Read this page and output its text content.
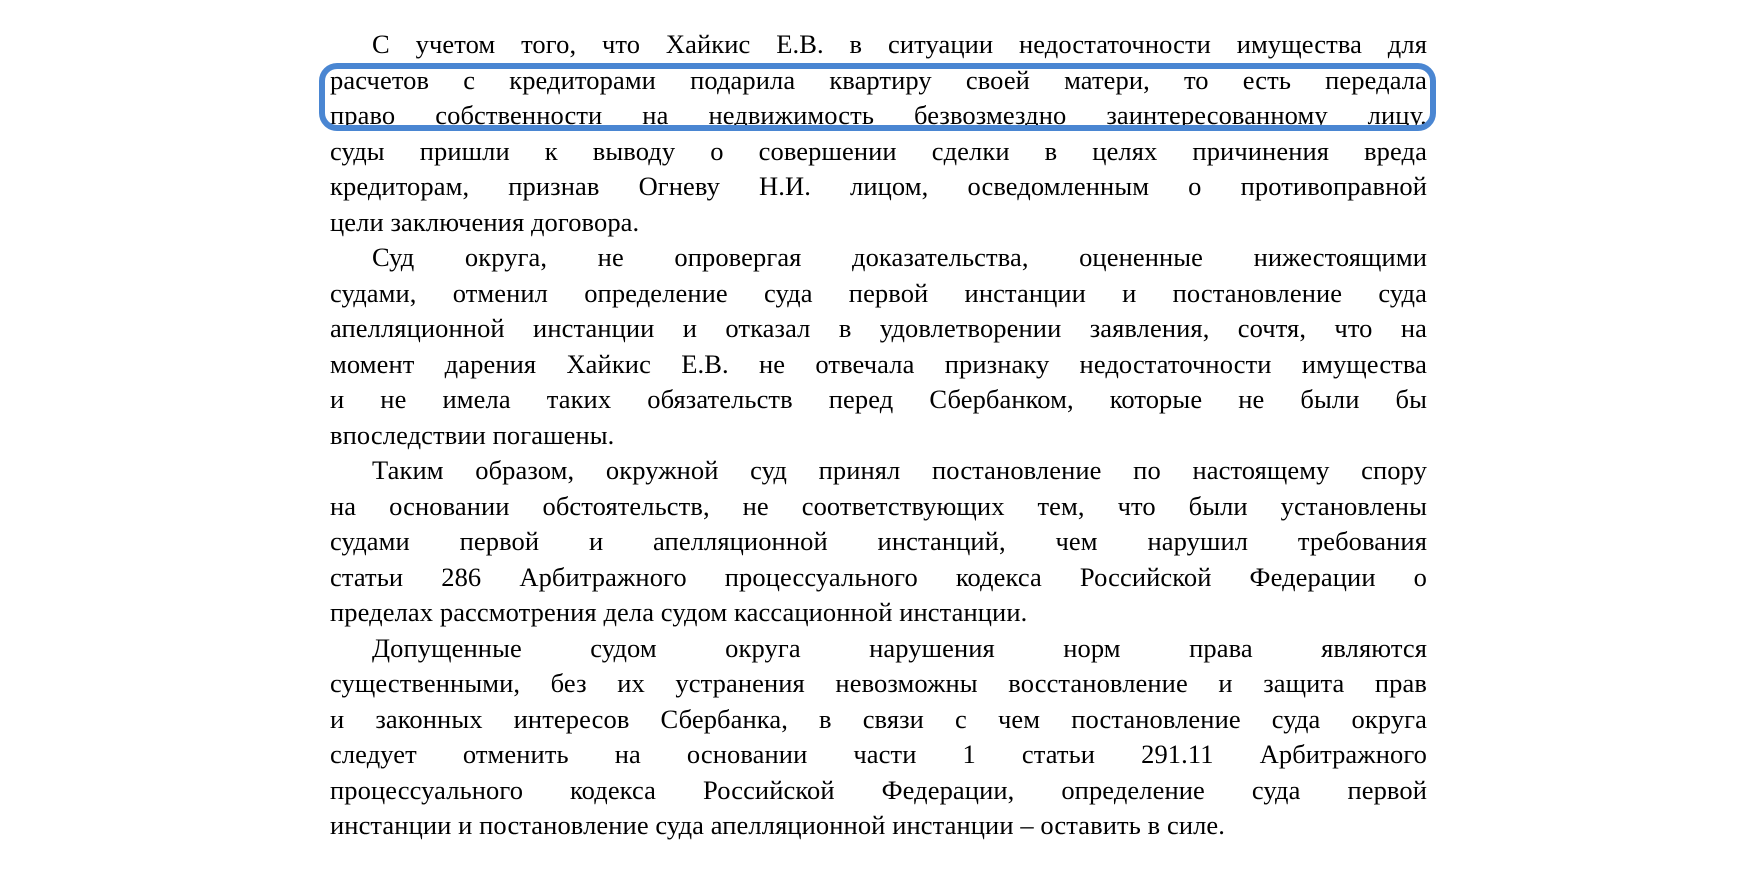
С учетом того, что Хайкис Е.В. в ситуации недостаточности имущества для
расчетов с кредиторами подарила квартиру своей матери, то есть передала
право собственности на недвижимость безвозмездно заинтересованному лицу,
суды пришли к выводу о совершении сделки в целях причинения вреда
кредиторам, признав Огневу Н.И. лицом, осведомленным о противоправной
цели заключения договора.
Суд округа, не опровергая доказательства, оцененные нижестоящими
судами, отменил определение суда первой инстанции и постановление суда
апелляционной инстанции и отказал в удовлетворении заявления, сочтя, что на
момент дарения Хайкис Е.В. не отвечала признаку недостаточности имущества
и не имела таких обязательств перед Сбербанком, которые не были бы
впоследствии погашены.
Таким образом, окружной суд принял постановление по настоящему спору
на основании обстоятельств, не соответствующих тем, что были установлены
судами первой и апелляционной инстанций, чем нарушил требования
статьи 286 Арбитражного процессуального кодекса Российской Федерации о
пределах рассмотрения дела судом кассационной инстанции.
Допущенные судом округа нарушения норм права являются
существенными, без их устранения невозможны восстановление и защита прав
и законных интересов Сбербанка, в связи с чем постановление суда округа
следует отменить на основании части 1 статьи 291.11 Арбитражного
процессуального кодекса Российской Федерации, определение суда первой
инстанции и постановление суда апелляционной инстанции – оставить в силе.
